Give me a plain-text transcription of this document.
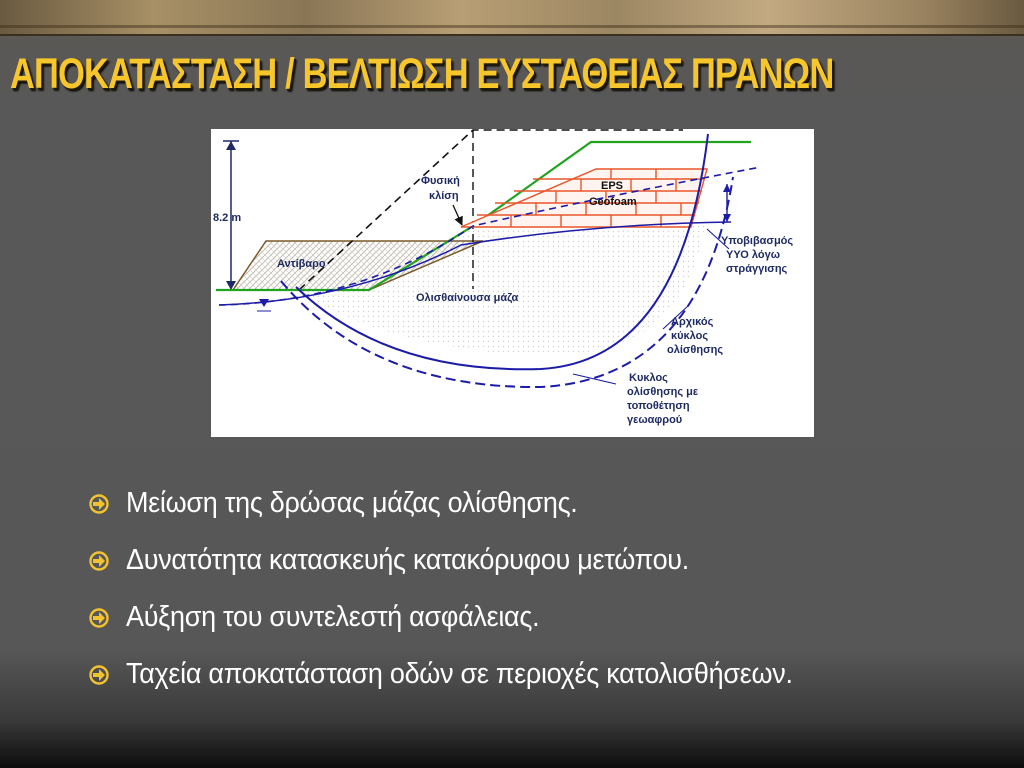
ΑΠΟΚΑΤΑΣΤΑΣΗ / ΒΕΛΤΙΩΣΗ ΕΥΣΤΑΘΕΙΑΣ ΠΡΑΝΩΝ
8.2 m
EPS
Geofoam
Φυσική
κλίση
Αντίβαρο
Ολισθαίνουσα μάζα
Υποβιβασμός
ΥΥΟ λόγω
στράγγισης
Αρχικός
κύκλος
ολίσθησης
Κυκλος
ολίσθησης με
τοποθέτηση
γεωαφρού
Μείωση της δρώσας μάζας ολίσθησης.
Δυνατότητα κατασκευής κατακόρυφου μετώπου.
Αύξηση του συντελεστή ασφάλειας.
Ταχεία αποκατάσταση οδών σε περιοχές κατολισθήσεων.
